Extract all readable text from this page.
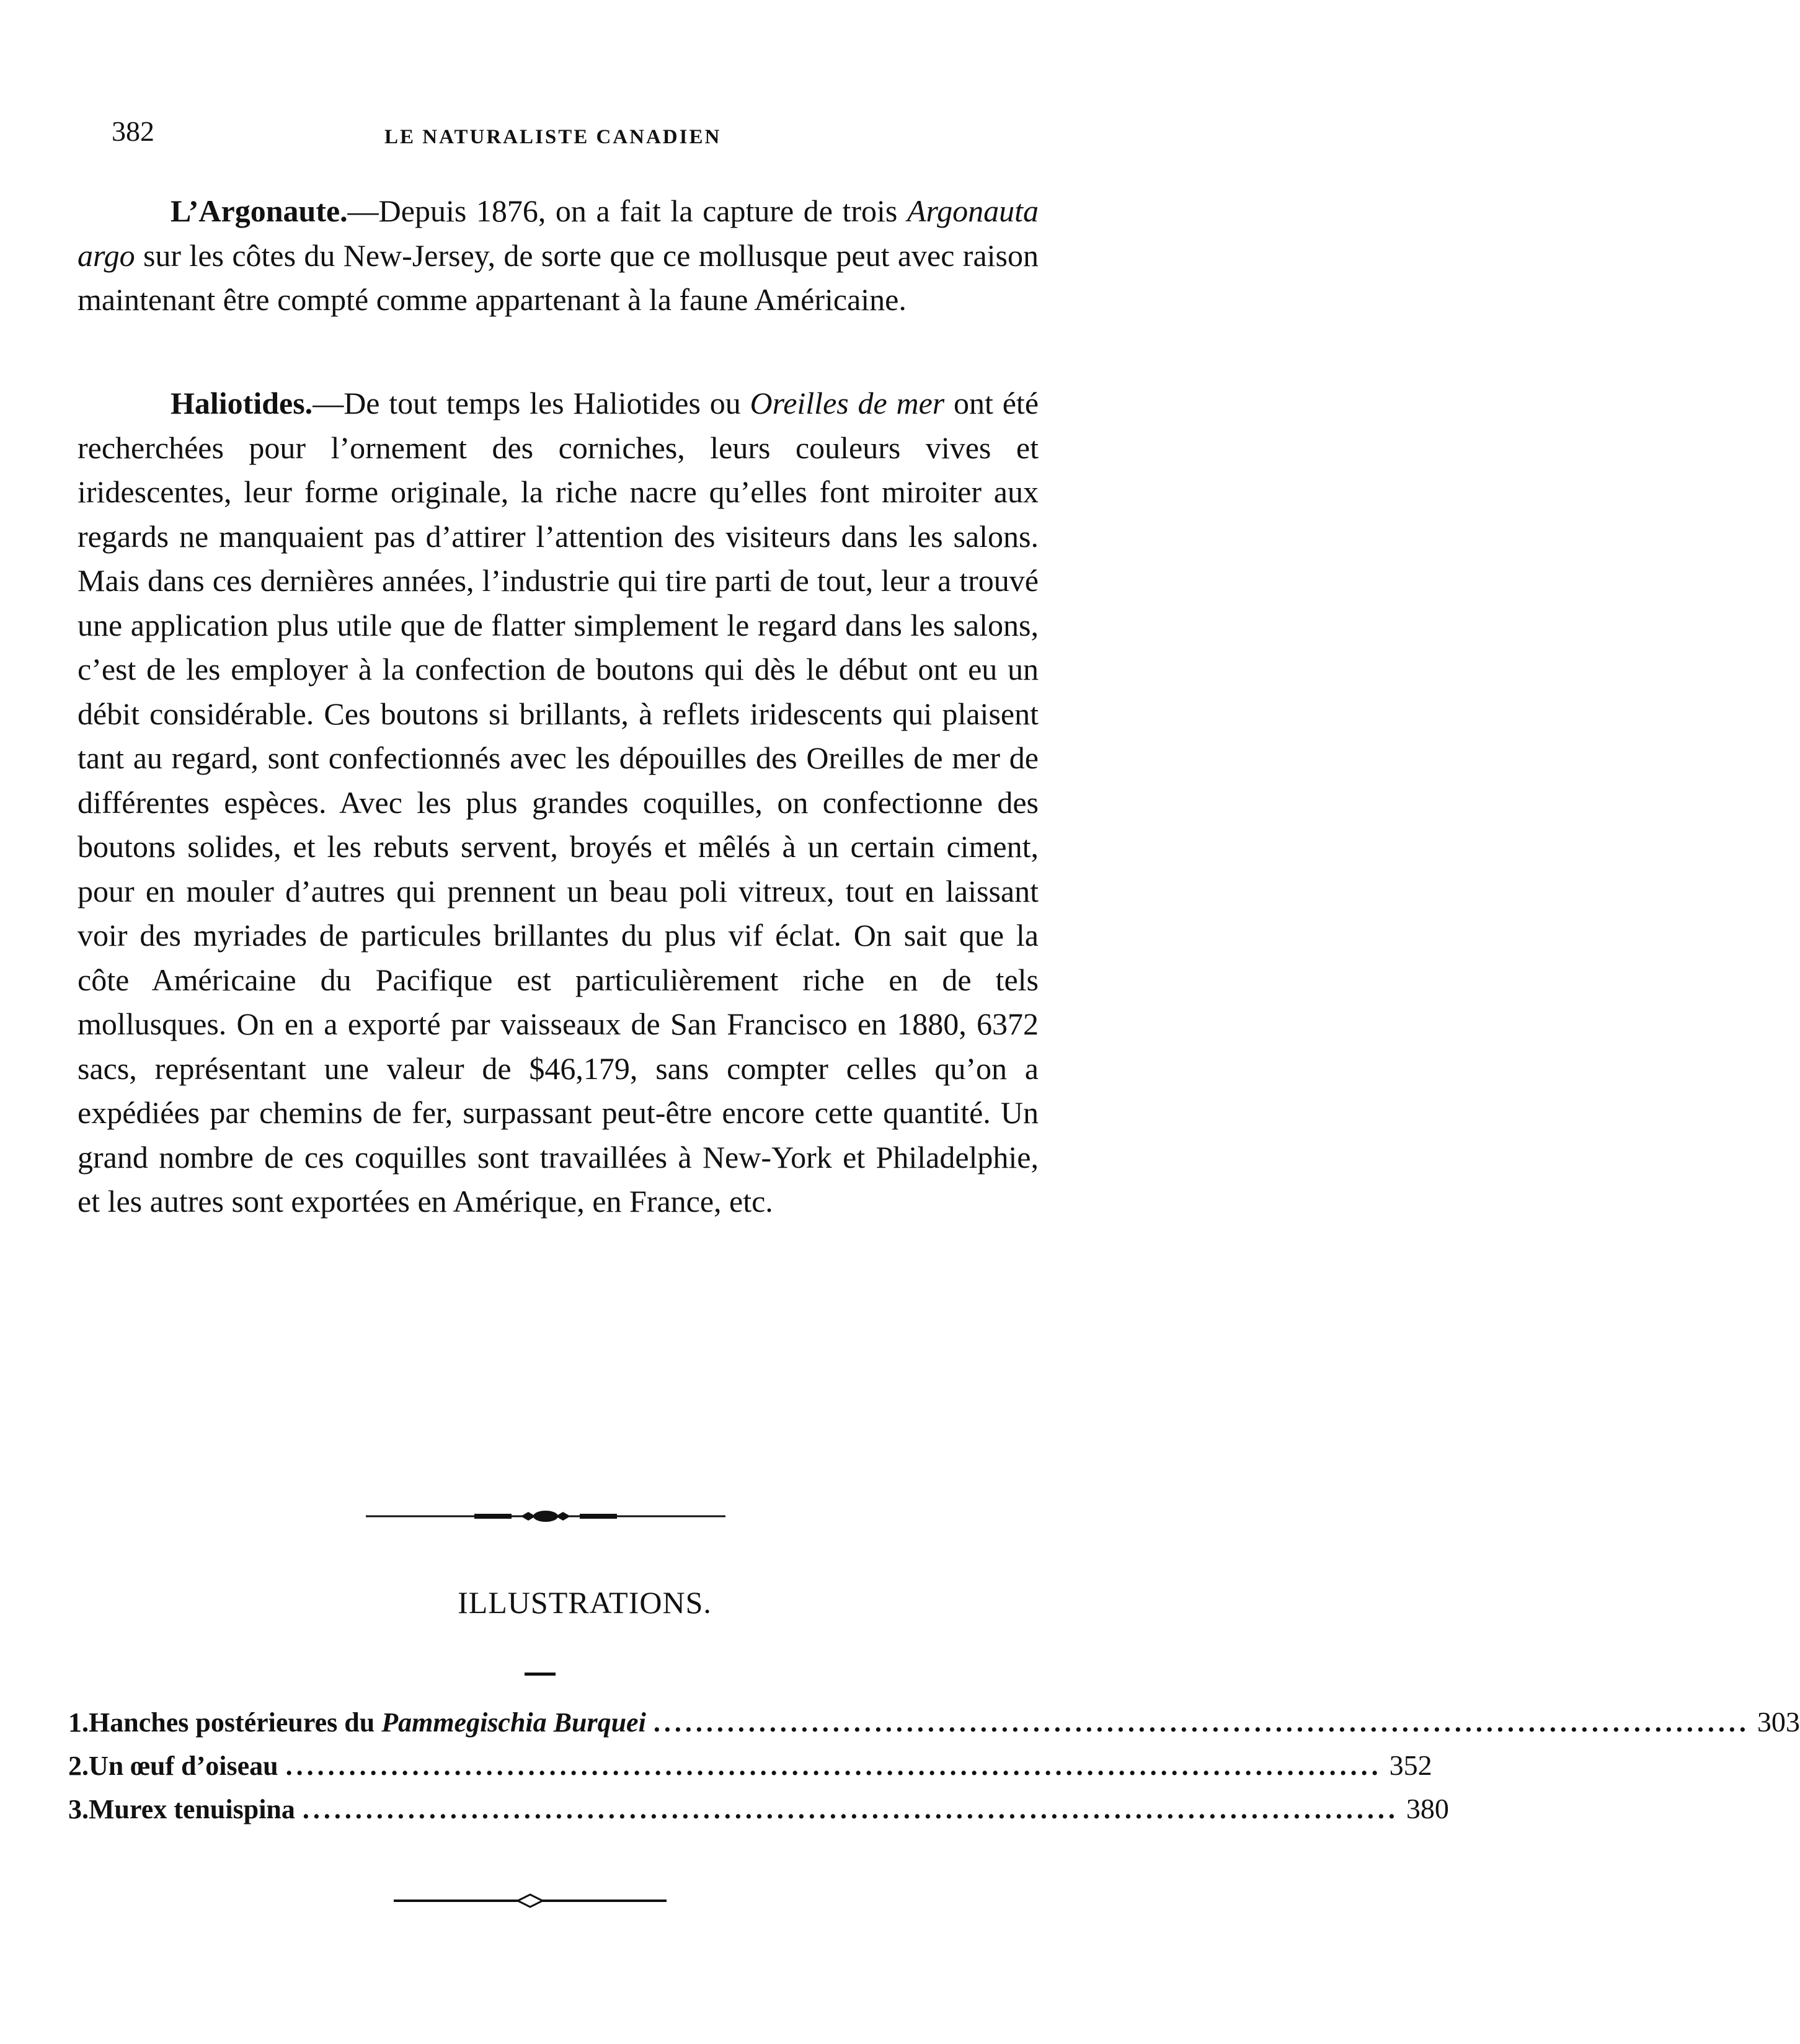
382	LE NATURALISTE CANADIEN

L’Argonaute.—Depuis 1876, on a fait la capture de trois Argonauta argo sur les côtes du New-Jersey, de sorte que ce mollusque peut avec raison maintenant être compté comme appartenant à la faune Américaine.

Haliotides.—De tout temps les Haliotides ou Oreilles de mer ont été recherchées pour l’ornement des corniches, leurs couleurs vives et iridescentes, leur forme originale, la riche nacre qu’elles font miroiter aux regards ne manquaient pas d’attirer l’attention des visiteurs dans les salons. Mais dans ces dernières années, l’industrie qui tire parti de tout, leur a trouvé une application plus utile que de flatter simplement le regard dans les salons, c’est de les employer à la confection de boutons qui dès le début ont eu un débit considérable. Ces boutons si brillants, à reflets iridescents qui plaisent tant au regard, sont confectionnés avec les dépouilles des Oreilles de mer de différentes espèces. Avec les plus grandes coquilles, on confectionne des boutons solides, et les rebuts servent, broyés et mêlés à un certain ciment, pour en mouler d’autres qui prennent un beau poli vitreux, tout en laissant voir des myriades de particules brillantes du plus vif éclat. On sait que la côte Américaine du Pacifique est particulièrement riche en de tels mollusques. On en a exporté par vaisseaux de San Francisco en 1880, 6372 sacs, représentant une valeur de $46,179, sans compter celles qu’on a expédiées par chemins de fer, surpassant peut-être encore cette quantité. Un grand nombre de ces coquilles sont travaillées à New-York et Philadelphie, et les autres sont exportées en Amérique, en France, etc.

ILLUSTRATIONS.
1. Hanches postérieures du Pammegischia Burquei ........................................................................................................ 303
2. Un œuf d’oiseau ........................................................................................................ 352
3. Murex tenuispina ........................................................................................................ 380
